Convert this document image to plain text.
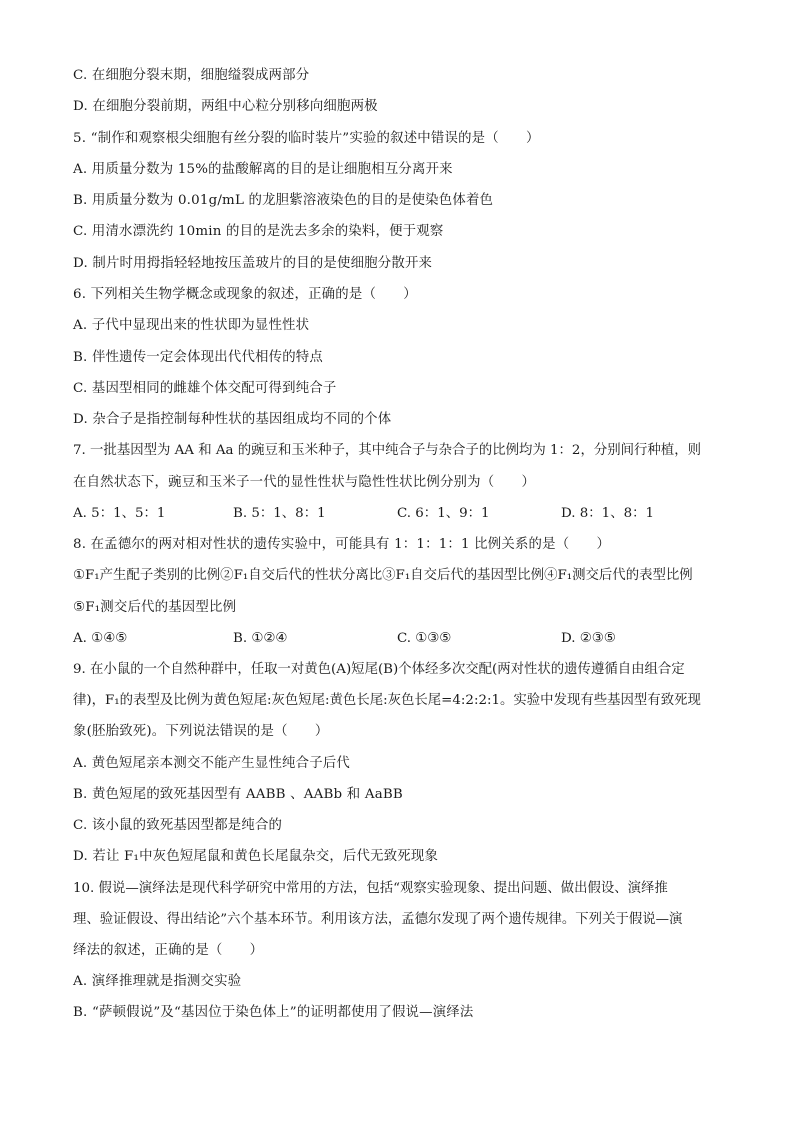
C. 在细胞分裂末期，细胞缢裂成两部分
D. 在细胞分裂前期，两组中心粒分别移向细胞两极
5. “制作和观察根尖细胞有丝分裂的临时装片”实验的叙述中错误的是（　　）
A. 用质量分数为 15%的盐酸解离的目的是让细胞相互分离开来
B. 用质量分数为 0.01g/mL 的龙胆紫溶液染色的目的是使染色体着色
C. 用清水漂洗约 10min 的目的是洗去多余的染料，便于观察
D. 制片时用拇指轻轻地按压盖玻片的目的是使细胞分散开来
6. 下列相关生物学概念或现象的叙述，正确的是（　　）
A. 子代中显现出来的性状即为显性性状
B. 伴性遗传一定会体现出代代相传的特点
C. 基因型相同的雌雄个体交配可得到纯合子
D. 杂合子是指控制每种性状的基因组成均不同的个体
7. 一批基因型为 AA 和 Aa 的豌豆和玉米种子，其中纯合子与杂合子的比例均为 1：2，分别间行种植，则
在自然状态下，豌豆和玉米子一代的显性性状与隐性性状比例分别为（　　）
A. 5：1、5：1	B. 5：1、8：1	C. 6：1、9：1	D. 8：1、8：1
8. 在孟德尔的两对相对性状的遗传实验中，可能具有 1：1：1：1 比例关系的是（　　）
①F₁产生配子类别的比例②F₁自交后代的性状分离比③F₁自交后代的基因型比例④F₁测交后代的表型比例
⑤F₁测交后代的基因型比例
A. ①④⑤	B. ①②④	C. ①③⑤	D. ②③⑤
9. 在小鼠的一个自然种群中，任取一对黄色(A)短尾(B)个体经多次交配(两对性状的遗传遵循自由组合定
律)，F₁的表型及比例为黄色短尾:灰色短尾:黄色长尾:灰色长尾=4:2:2:1。实验中发现有些基因型有致死现
象(胚胎致死)。下列说法错误的是（　　）
A. 黄色短尾亲本测交不能产生显性纯合子后代
B. 黄色短尾的致死基因型有 AABB 、AABb 和 AaBB
C. 该小鼠的致死基因型都是纯合的
D. 若让 F₁中灰色短尾鼠和黄色长尾鼠杂交，后代无致死现象
10. 假说—演绎法是现代科学研究中常用的方法，包括“观察实验现象、提出问题、做出假设、演绎推
理、验证假设、得出结论”六个基本环节。利用该方法，孟德尔发现了两个遗传规律。下列关于假说—演
绎法的叙述，正确的是（　　）
A. 演绎推理就是指测交实验
B. “萨顿假说”及“基因位于染色体上”的证明都使用了假说—演绎法
